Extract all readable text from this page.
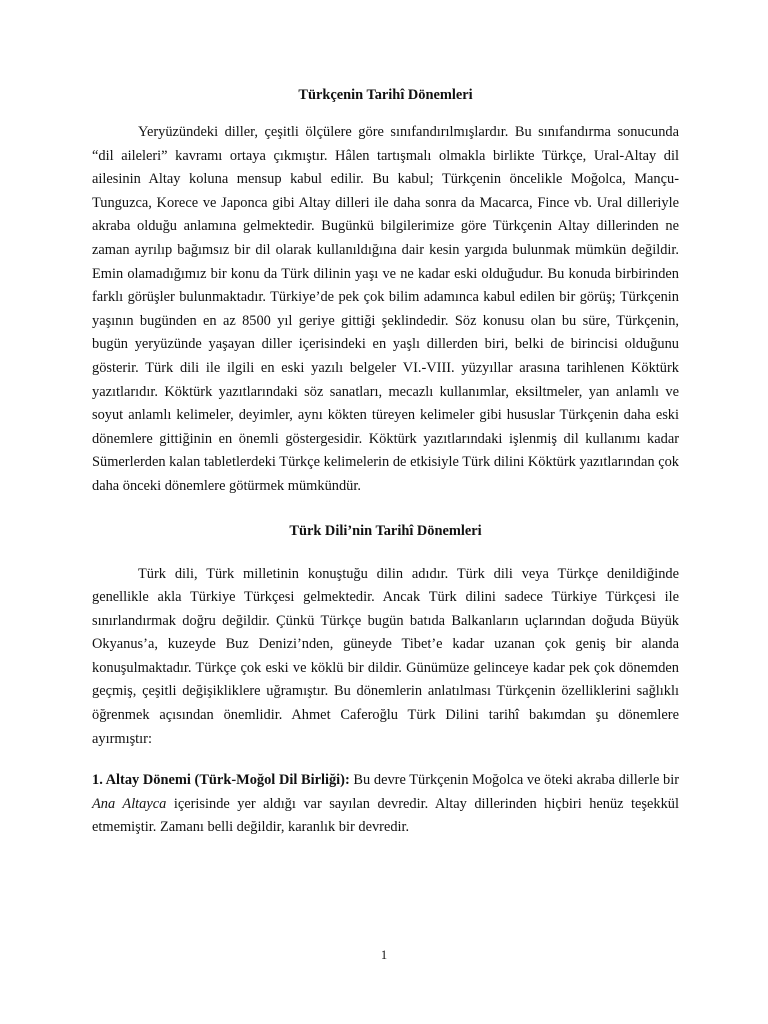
Türkçenin Tarihî Dönemleri

Yeryüzündeki diller, çeşitli ölçülere göre sınıfandırılmışlardır. Bu sınıfandırma sonucunda “dil aileleri” kavramı ortaya çıkmıştır. Hâlen tartışmalı olmakla birlikte Türkçe, Ural-Altay dil ailesinin Altay koluna mensup kabul edilir. Bu kabul; Türkçenin öncelikle Moğolca, Mançu-Tunguzca, Korece ve Japonca gibi Altay dilleri ile daha sonra da Macarca, Fince vb. Ural dilleriyle akraba olduğu anlamına gelmektedir. Bugünkü bilgilerimize göre Türkçenin Altay dillerinden ne zaman ayrılıp bağımsız bir dil olarak kullanıldığına dair kesin yargıda bulunmak mümkün değildir. Emin olamadığımız bir konu da Türk dilinin yaşı ve ne kadar eski olduğudur. Bu konuda birbirinden farklı görüşler bulunmaktadır. Türkiye’de pek çok bilim adamınca kabul edilen bir görüş; Türkçenin yaşının bugünden en az 8500 yıl geriye gittiği şeklindedir. Söz konusu olan bu süre, Türkçenin, bugün yeryüzünde yaşayan diller içerisindeki en yaşlı dillerden biri, belki de birincisi olduğunu gösterir. Türk dili ile ilgili en eski yazılı belgeler VI.-VIII. yüzyıllar arasına tarihlenen Köktürk yazıtlarıdır. Köktürk yazıtlarındaki söz sanatları, mecazlı kullanımlar, eksiltmeler, yan anlamlı ve soyut anlamlı kelimeler, deyimler, aynı kökten türeyen kelimeler gibi hususlar Türkçenin daha eski dönemlere gittiğinin en önemli göstergesidir. Köktürk yazıtlarındaki işlenmiş dil kullanımı kadar Sümerlerden kalan tabletlerdeki Türkçe kelimelerin de etkisiyle Türk dilini Köktürk yazıtlarından çok daha önceki dönemlere götürmek mümkündür.

Türk Dili’nin Tarihî Dönemleri

Türk dili, Türk milletinin konuştuğu dilin adıdır. Türk dili veya Türkçe denildiğinde genellikle akla Türkiye Türkçesi gelmektedir. Ancak Türk dilini sadece Türkiye Türkçesi ile sınırlandırmak doğru değildir. Çünkü Türkçe bugün batıda Balkanların uçlarından doğuda Büyük Okyanus’a, kuzeyde Buz Denizi’nden, güneyde Tibet’e kadar uzanan çok geniş bir alanda konuşulmaktadır. Türkçe çok eski ve köklü bir dildir. Günümüze gelinceye kadar pek çok dönemden geçmiş, çeşitli değişikliklere uğramıştır. Bu dönemlerin anlatılması Türkçenin özelliklerini sağlıklı öğrenmek açısından önemlidir. Ahmet Caferoğlu Türk Dilini tarihî bakımdan şu dönemlere ayırmıştır:

1. Altay Dönemi (Türk-Moğol Dil Birliği): Bu devre Türkçenin Moğolca ve öteki akraba dillerle bir Ana Altayca içerisinde yer aldığı var sayılan devredir. Altay dillerinden hiçbiri henüz teşekkül etmemiştir. Zamanı belli değildir, karanlık bir devredir.

1
